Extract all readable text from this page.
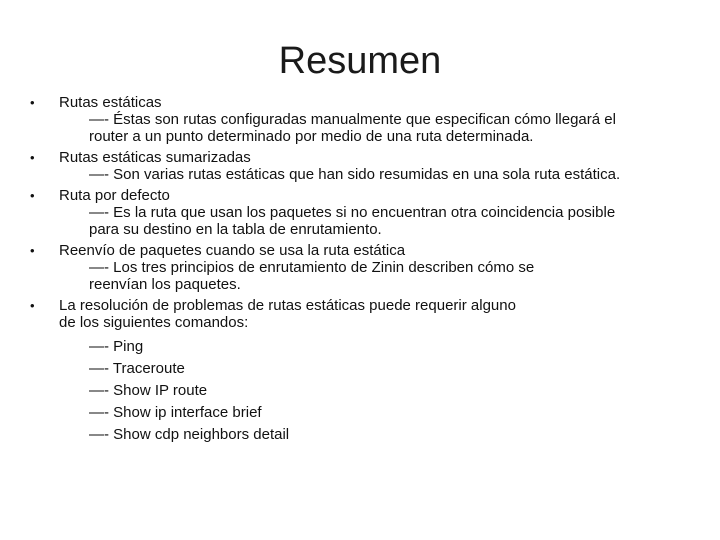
Resumen
•	Rutas estáticas
—- Éstas son rutas configuradas manualmente que especifican cómo llegará el
router a un punto determinado por medio de una ruta determinada.
•	Rutas estáticas sumarizadas
—- Son varias rutas estáticas que han sido resumidas en una sola ruta estática.
•	Ruta por defecto
—- Es la ruta que usan los paquetes si no encuentran otra coincidencia posible
para su destino en la tabla de enrutamiento.
•	Reenvío de paquetes cuando se usa la ruta estática
—- Los tres principios de enrutamiento de Zinin describen cómo se
reenvían los paquetes.
•	La resolución de problemas de rutas estáticas puede requerir alguno
de los siguientes comandos:
—- Ping
—- Traceroute
—- Show IP route
—- Show ip interface brief
—- Show cdp neighbors detail
